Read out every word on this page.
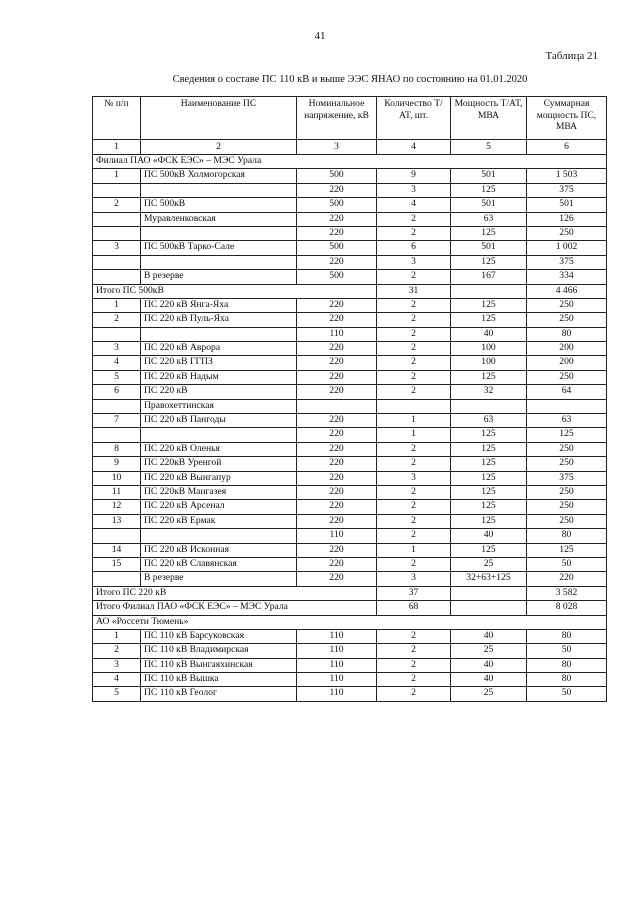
41
Таблица 21
Сведения о составе ПС 110 кВ и выше ЭЭС ЯНАО по состоянию на 01.01.2020
№ п/п	Наименование ПС	Номинальное напряжение, кВ	Количество Т/АТ, шт.	Мощность Т/АТ, МВА	Суммарная мощность ПС, МВА
1	2	3	4	5	6
Филиал ПАО «ФСК ЕЭС» – МЭС Урала					
1	ПС 500кВ Холмогорская	500	9	501	1 503
		220	3	125	375
2	ПС 500кВ	500	4	501	501
	Муравленковская	220	2	63	126
		220	2	125	250
3	ПС 500кВ Тарко-Сале	500	6	501	1 002
		220	3	125	375
	В резерве	500	2	167	334
Итого ПС 500кВ			31		4 466
1	ПС 220 кВ Янга-Яха	220	2	125	250
2	ПС 220 кВ Пуль-Яха	220	2	125	250
		110	2	40	80
3	ПС 220 кВ Аврора	220	2	100	200
4	ПС 220 кВ ГГПЗ	220	2	100	200
5	ПС 220 кВ Надым	220	2	125	250
6	ПС 220 кВ	220	2	32	64
	Правохеттинская				
7	ПС 220 кВ Пангоды	220	1	63	63
		220	1	125	125
8	ПС 220 кВ Оленья	220	2	125	250
9	ПС 220кВ Уренгой	220	2	125	250
10	ПС 220 кВ Вынгапур	220	3	125	375
11	ПС 220кВ Мангазея	220	2	125	250
12	ПС 220 кВ Арсенал	220	2	125	250
13	ПС 220 кВ Ермак	220	2	125	250
		110	2	40	80
14	ПС 220 кВ Исконная	220	1	125	125
15	ПС 220 кВ Славянская	220	2	25	50
	В резерве	220	3	32+63+125	220
Итого ПС 220 кВ			37		3 582
Итого Филиал ПАО «ФСК ЕЭС» – МЭС Урала			68		8 028
АО «Россети Тюмень»					
1	ПС 110 кВ Барсуковская	110	2	40	80
2	ПС 110 кВ Владимирская	110	2	25	50
3	ПС 110 кВ Вынгаяхинская	110	2	40	80
4	ПС 110 кВ Вышка	110	2	40	80
5	ПС 110 кВ Геолог	110	2	25	50
